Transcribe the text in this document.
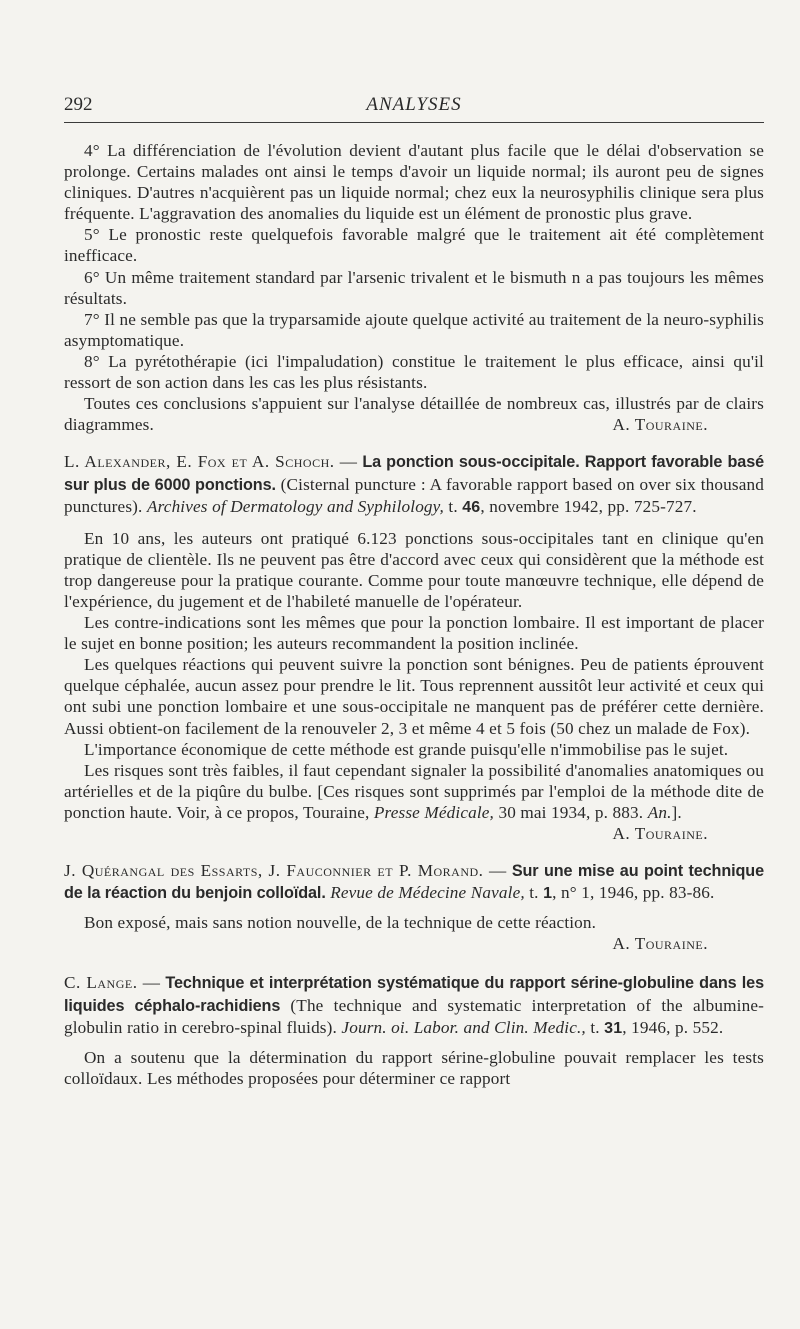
292	ANALYSES

4° La différenciation de l'évolution devient d'autant plus facile que le délai d'observation se prolonge. Certains malades ont ainsi le temps d'avoir un liquide normal; ils auront peu de signes cliniques. D'autres n'acquièrent pas un liquide normal; chez eux la neurosyphilis clinique sera plus fréquente. L'aggravation des anomalies du liquide est un élément de pronostic plus grave.

5° Le pronostic reste quelquefois favorable malgré que le traitement ait été complètement inefficace.

6° Un même traitement standard par l'arsenic trivalent et le bismuth n a pas toujours les mêmes résultats.

7° Il ne semble pas que la tryparsamide ajoute quelque activité au traitement de la neuro-syphilis asymptomatique.

8° La pyrétothérapie (ici l'impaludation) constitue le traitement le plus efficace, ainsi qu'il ressort de son action dans les cas les plus résistants.

Toutes ces conclusions s'appuient sur l'analyse détaillée de nombreux cas, illustrés par de clairs diagrammes.	A. Touraine.

L. Alexander, E. Fox et A. Schoch. — La ponction sous-occipitale. Rapport favorable basé sur plus de 6000 ponctions. (Cisternal puncture : A favorable rapport based on over six thousand punctures). Archives of Dermatology and Syphilology, t. 46, novembre 1942, pp. 725-727.

En 10 ans, les auteurs ont pratiqué 6.123 ponctions sous-occipitales tant en clinique qu'en pratique de clientèle. Ils ne peuvent pas être d'accord avec ceux qui considèrent que la méthode est trop dangereuse pour la pratique courante. Comme pour toute manœuvre technique, elle dépend de l'expérience, du jugement et de l'habileté manuelle de l'opérateur.

Les contre-indications sont les mêmes que pour la ponction lombaire. Il est important de placer le sujet en bonne position; les auteurs recommandent la position inclinée.

Les quelques réactions qui peuvent suivre la ponction sont bénignes. Peu de patients éprouvent quelque céphalée, aucun assez pour prendre le lit. Tous reprennent aussitôt leur activité et ceux qui ont subi une ponction lombaire et une sous-occipitale ne manquent pas de préférer cette dernière. Aussi obtient-on facilement de la renouveler 2, 3 et même 4 et 5 fois (50 chez un malade de Fox).

L'importance économique de cette méthode est grande puisqu'elle n'immobilise pas le sujet.

Les risques sont très faibles, il faut cependant signaler la possibilité d'anomalies anatomiques ou artérielles et de la piqûre du bulbe. [Ces risques sont supprimés par l'emploi de la méthode dite de ponction haute. Voir, à ce propos, Touraine, Presse Médicale, 30 mai 1934, p. 883. An.].

A. Touraine.

J. Quérangal des Essarts, J. Fauconnier et P. Morand. — Sur une mise au point technique de la réaction du benjoin colloïdal. Revue de Médecine Navale, t. 1, n° 1, 1946, pp. 83-86.

Bon exposé, mais sans notion nouvelle, de la technique de cette réaction.

A. Touraine.

C. Lange. — Technique et interprétation systématique du rapport sérine-globuline dans les liquides céphalo-rachidiens (The technique and systematic interpretation of the albumine-globulin ratio in cerebro-spinal fluids). Journ. oi. Labor. and Clin. Medic., t. 31, 1946, p. 552.

On a soutenu que la détermination du rapport sérine-globuline pouvait remplacer les tests colloïdaux. Les méthodes proposées pour déterminer ce rapport
